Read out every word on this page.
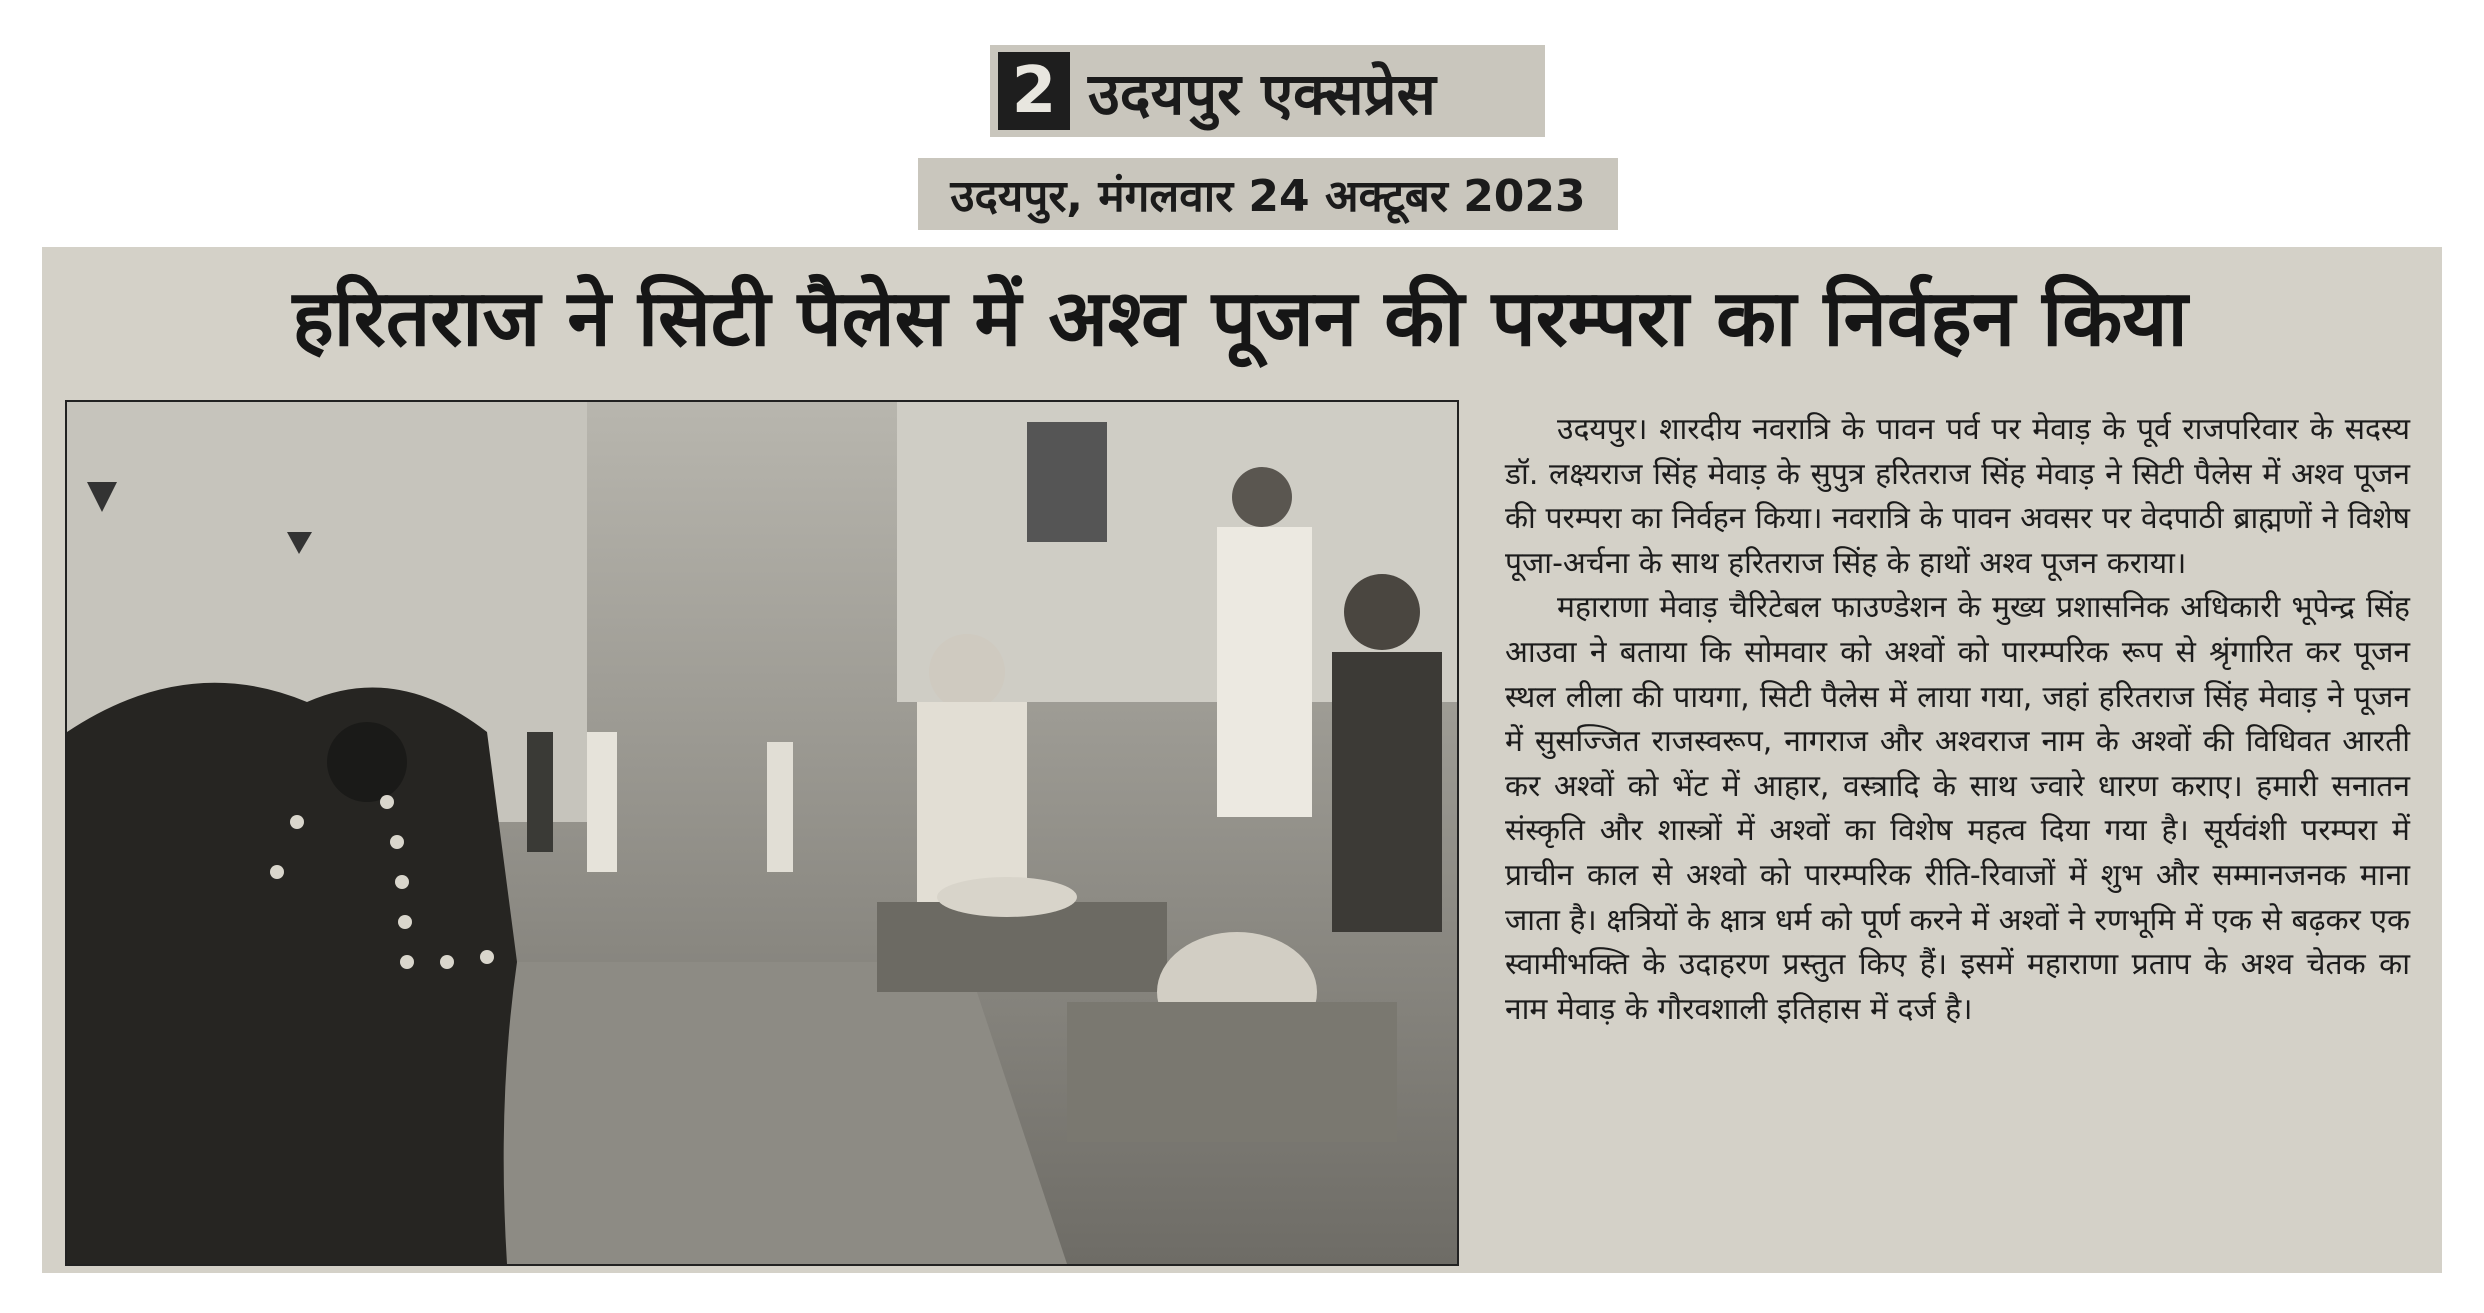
2 उदयपुर एक्सप्रेस
उदयपुर, मंगलवार 24 अक्टूबर 2023
हरितराज ने सिटी पैलेस में अश्व पूजन की परम्परा का निर्वहन किया

उदयपुर। शारदीय नवरात्रि के पावन पर्व पर मेवाड़ के पूर्व राजपरिवार के सदस्य डॉ. लक्ष्यराज सिंह मेवाड़ के सुपुत्र हरितराज सिंह मेवाड़ ने सिटी पैलेस में अश्व पूजन की परम्परा का निर्वहन किया। नवरात्रि के पावन अवसर पर वेदपाठी ब्राह्मणों ने विशेष पूजा-अर्चना के साथ हरितराज सिंह के हाथों अश्व पूजन कराया।

महाराणा मेवाड़ चैरिटेबल फाउण्डेशन के मुख्य प्रशासनिक अधिकारी भूपेन्द्र सिंह आउवा ने बताया कि सोमवार को अश्वों को पारम्परिक रूप से श्रृंगारित कर पूजन स्थल लीला की पायगा, सिटी पैलेस में लाया गया, जहां हरितराज सिंह मेवाड़ ने पूजन में सुसज्जित राजस्वरूप, नागराज और अश्वराज नाम के अश्वों की विधिवत आरती कर अश्वों को भेंट में आहार, वस्त्रादि के साथ ज्वारे धारण कराए। हमारी सनातन संस्कृति और शास्त्रों में अश्वों का विशेष महत्व दिया गया है। सूर्यवंशी परम्परा में प्राचीन काल से अश्वो को पारम्परिक रीति-रिवाजों में शुभ और सम्मानजनक माना जाता है। क्षत्रियों के क्षात्र धर्म को पूर्ण करने में अश्वों ने रणभूमि में एक से बढ़कर एक स्वामीभक्ति के उदाहरण प्रस्तुत किए हैं। इसमें महाराणा प्रताप के अश्व चेतक का नाम मेवाड़ के गौरवशाली इतिहास में दर्ज है।
